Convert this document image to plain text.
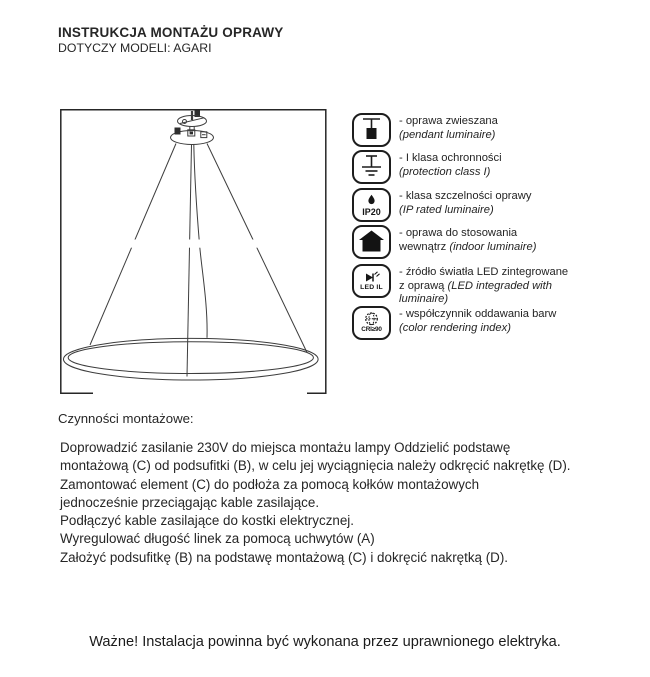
INSTRUKCJA MONTAŻU OPRAWY
DOTYCZY MODELI: AGARI
- oprawa zwieszana
(pendant luminaire)
- I klasa ochronności
(protection class I)
IP20
- klasa szczelności oprawy
(IP rated luminaire)
- oprawa do stosowania
wewnątrz (indoor luminaire)
LED IL
- źródło światła LED zintegrowane
z oprawą (LED integraded with
luminaire)
CRI≥90
- współczynnik oddawania barw
(color rendering index)
Czynności montażowe:
Doprowadzić zasilanie 230V do miejsca montażu lampy Oddzielić podstawę
montażową (C) od podsufitki (B), w celu jej wyciągnięcia należy odkręcić nakrętkę (D).
Zamontować element (C) do podłoża za pomocą kołków montażowych
jednocześnie przeciągając kable zasilające.
Podłączyć kable zasilające do kostki elektrycznej.
Wyregulować długość linek za pomocą uchwytów (A)
Założyć podsufitkę (B) na podstawę montażową (C) i dokręcić nakrętką (D).
Ważne! Instalacja powinna być wykonana przez uprawnionego elektryka.
